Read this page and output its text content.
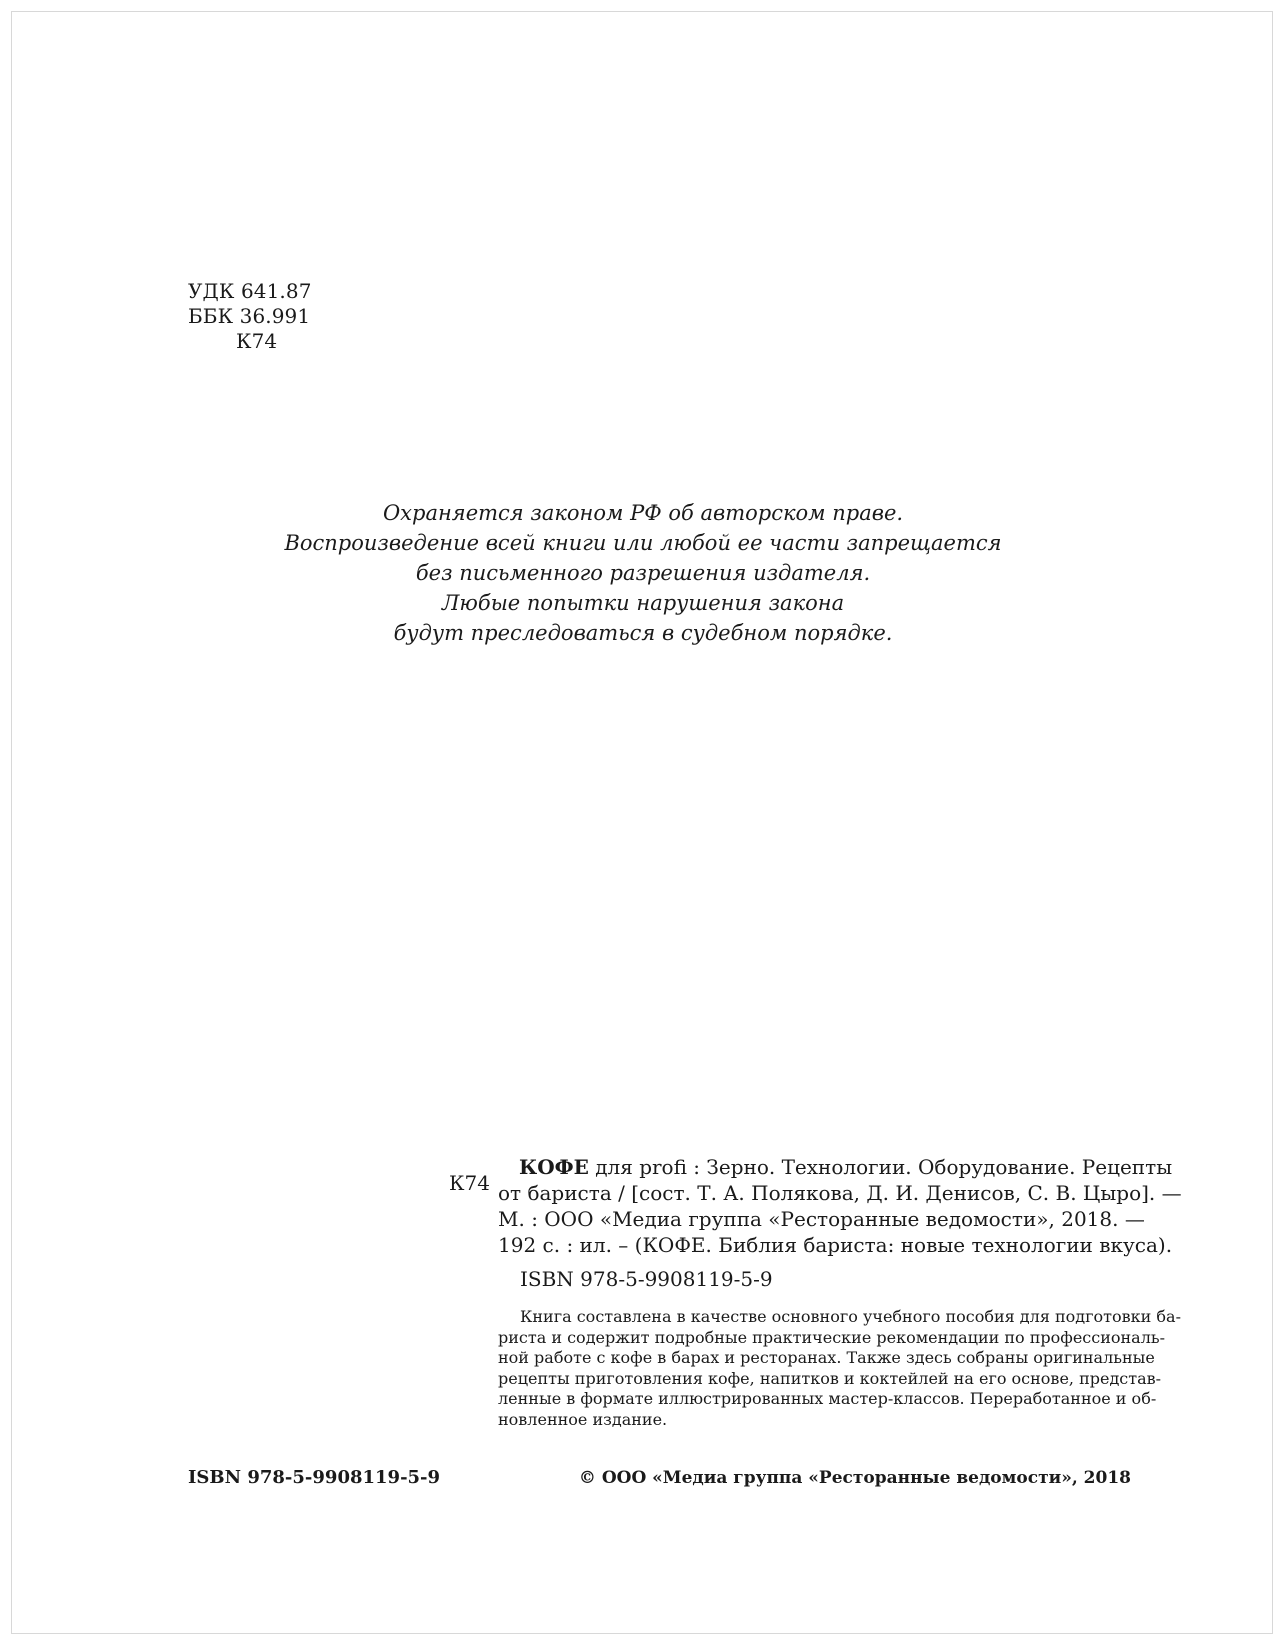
УДК 641.87
ББК 36.991
К74
Охраняется законом РФ об авторском праве.
Воспроизведение всей книги или любой ее части запрещается
без письменного разрешения издателя.
Любые попытки нарушения закона
будут преследоваться в судебном порядке.
К74
КОФЕ для profi : Зерно. Технологии. Оборудование. Рецепты
от бариста / [сост. Т. А. Полякова, Д. И. Денисов, С. В. Цыро]. —
М. : ООО «Медиа группа «Ресторанные ведомости», 2018. —
192 с. : ил. – (КОФЕ. Библия бариста: новые технологии вкуса).
ISBN 978-5-9908119-5-9
Книга составлена в качестве основного учебного пособия для подготовки ба-
риста и содержит подробные практические рекомендации по профессиональ-
ной работе с кофе в барах и ресторанах. Также здесь собраны оригинальные
рецепты приготовления кофе, напитков и коктейлей на его основе, представ-
ленные в формате иллюстрированных мастер-классов. Переработанное и об-
новленное издание.
ISBN 978-5-9908119-5-9	© ООО «Медиа группа «Ресторанные ведомости», 2018
